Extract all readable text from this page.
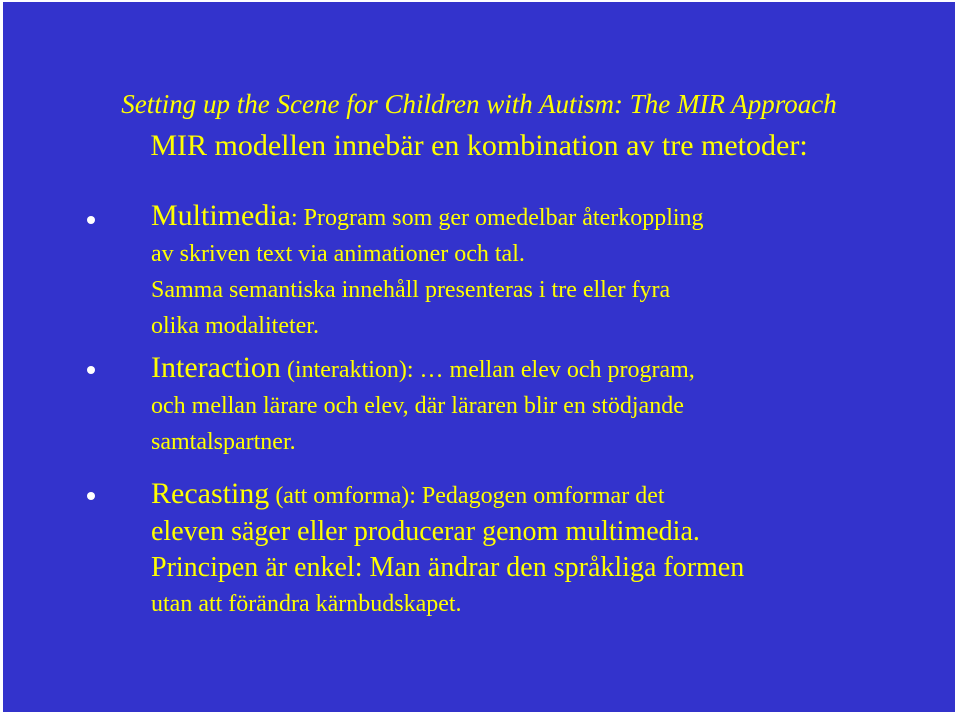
Setting up the Scene for Children with Autism: The MIR Approach
MIR modellen innebär en kombination av tre metoder:
Multimedia: Program som ger omedelbar återkoppling
av skriven text via animationer och tal.
Samma semantiska innehåll presenteras i tre eller fyra
olika modaliteter.
Interaction (interaktion): … mellan elev och program,
och mellan lärare och elev, där läraren blir en stödjande
samtalspartner.
Recasting (att omforma): Pedagogen omformar det
eleven säger eller producerar genom multimedia.
Principen är enkel: Man ändrar den språkliga formen
utan att förändra kärnbudskapet.
